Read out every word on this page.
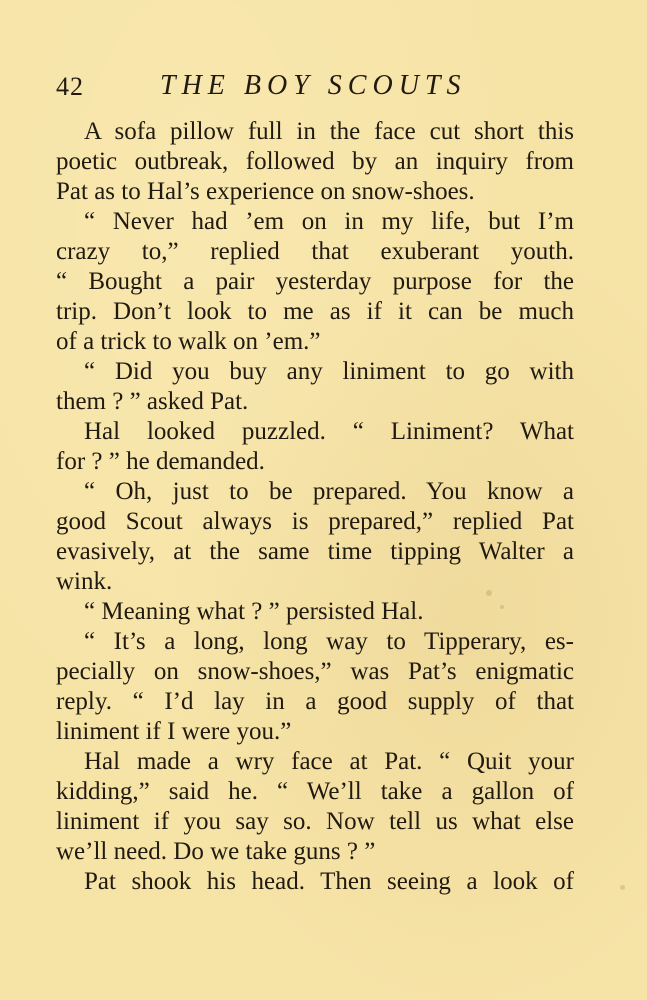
42	THE BOY SCOUTS
A sofa pillow full in the face cut short this
poetic outbreak, followed by an inquiry from
Pat as to Hal’s experience on snow-shoes.
“ Never had ’em on in my life, but I’m
crazy to,” replied that exuberant youth.
“ Bought a pair yesterday purpose for the
trip. Don’t look to me as if it can be much
of a trick to walk on ’em.”
“ Did you buy any liniment to go with
them ? ” asked Pat.
Hal looked puzzled. “ Liniment? What
for ? ” he demanded.
“ Oh, just to be prepared. You know a
good Scout always is prepared,” replied Pat
evasively, at the same time tipping Walter a
wink.
“ Meaning what ? ” persisted Hal.
“ It’s a long, long way to Tipperary, es-
pecially on snow-shoes,” was Pat’s enigmatic
reply. “ I’d lay in a good supply of that
liniment if I were you.”
Hal made a wry face at Pat. “ Quit your
kidding,” said he. “ We’ll take a gallon of
liniment if you say so. Now tell us what else
we’ll need. Do we take guns ? ”
Pat shook his head. Then seeing a look of
